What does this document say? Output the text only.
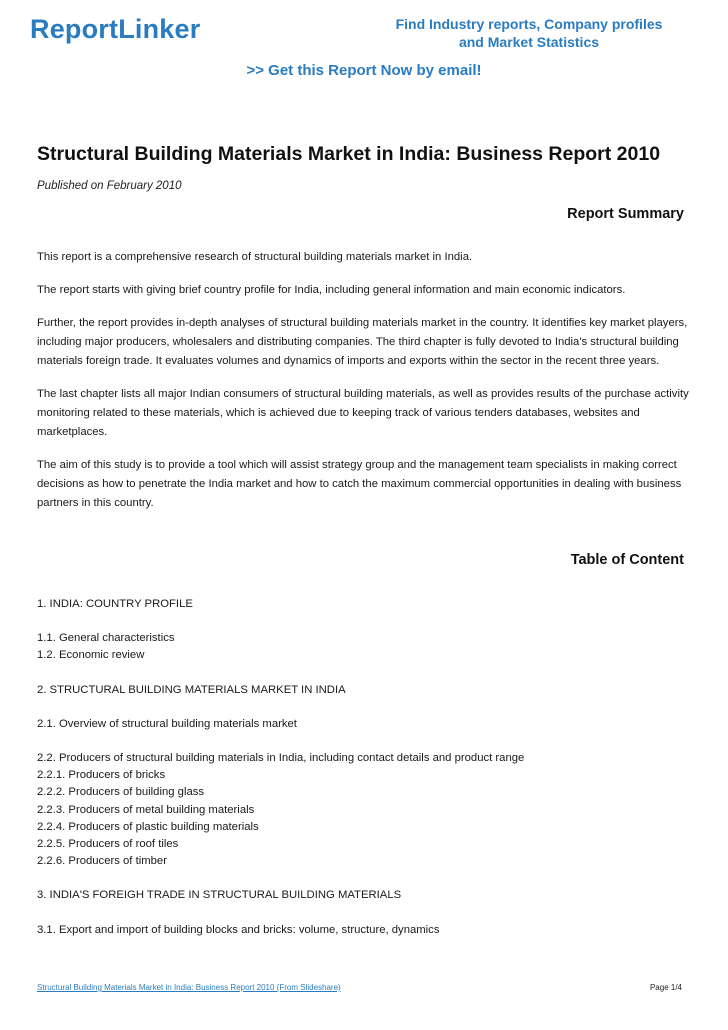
ReportLinker	Find Industry reports, Company profiles
and Market Statistics
>> Get this Report Now by email!
Structural Building Materials Market in India: Business Report 2010
Published on February 2010
Report Summary

This report is a comprehensive research of structural building materials market in India.

The report starts with giving brief country profile for India, including general information and main economic indicators.

Further, the report provides in-depth analyses of structural building materials market in the country. It identifies key market players, including major producers, wholesalers and distributing companies. The third chapter is fully devoted to India's structural building materials foreign trade. It evaluates volumes and dynamics of imports and exports within the sector in the recent three years.

The last chapter lists all major Indian consumers of structural building materials, as well as provides results of the purchase activity monitoring related to these materials, which is achieved due to keeping track of various tenders databases, websites and marketplaces.

The aim of this study is to provide a tool which will assist strategy group and the management team specialists in making correct decisions as how to penetrate the India market and how to catch the maximum commercial opportunities in dealing with business partners in this country.

Table of Content
1. INDIA: COUNTRY PROFILE
1.1. General characteristics
1.2. Economic review
2. STRUCTURAL BUILDING MATERIALS MARKET IN INDIA
2.1. Overview of structural building materials market
2.2. Producers of structural building materials in India, including contact details and product range
2.2.1. Producers of bricks
2.2.2. Producers of building glass
2.2.3. Producers of metal building materials
2.2.4. Producers of plastic building materials
2.2.5. Producers of roof tiles
2.2.6. Producers of timber
3. INDIA'S FOREIGH TRADE IN STRUCTURAL BUILDING MATERIALS
3.1. Export and import of building blocks and bricks: volume, structure, dynamics
Structural Building Materials Market in India: Business Report 2010 (From Slideshare)	Page 1/4
